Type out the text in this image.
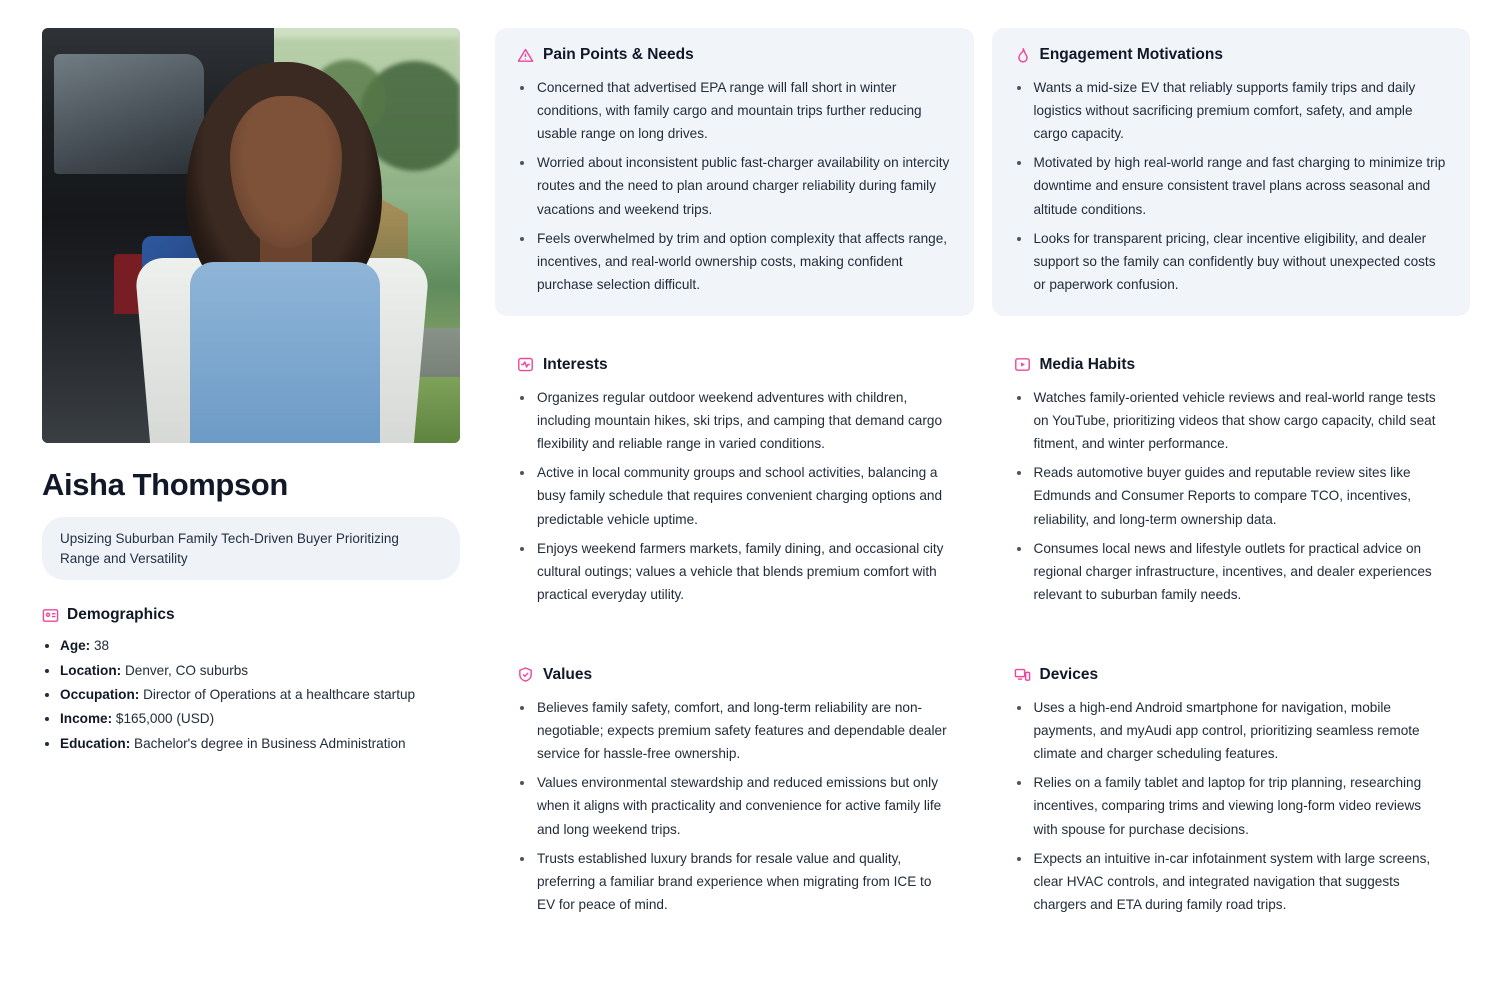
Aisha Thompson
Upsizing Suburban Family Tech-Driven Buyer Prioritizing Range and Versatility
Demographics
• Age: 38
• Location: Denver, CO suburbs
• Occupation: Director of Operations at a healthcare startup
• Income: $165,000 (USD)
• Education: Bachelor's degree in Business Administration
Pain Points & Needs
• Concerned that advertised EPA range will fall short in winter conditions, with family cargo and mountain trips further reducing usable range on long drives.
• Worried about inconsistent public fast-charger availability on intercity routes and the need to plan around charger reliability during family vacations and weekend trips.
• Feels overwhelmed by trim and option complexity that affects range, incentives, and real-world ownership costs, making confident purchase selection difficult.
Interests
• Organizes regular outdoor weekend adventures with children, including mountain hikes, ski trips, and camping that demand cargo flexibility and reliable range in varied conditions.
• Active in local community groups and school activities, balancing a busy family schedule that requires convenient charging options and predictable vehicle uptime.
• Enjoys weekend farmers markets, family dining, and occasional city cultural outings; values a vehicle that blends premium comfort with practical everyday utility.
Values
• Believes family safety, comfort, and long-term reliability are non-negotiable; expects premium safety features and dependable dealer service for hassle-free ownership.
• Values environmental stewardship and reduced emissions but only when it aligns with practicality and convenience for active family life and long weekend trips.
• Trusts established luxury brands for resale value and quality, preferring a familiar brand experience when migrating from ICE to EV for peace of mind.
Engagement Motivations
• Wants a mid-size EV that reliably supports family trips and daily logistics without sacrificing premium comfort, safety, and ample cargo capacity.
• Motivated by high real-world range and fast charging to minimize trip downtime and ensure consistent travel plans across seasonal and altitude conditions.
• Looks for transparent pricing, clear incentive eligibility, and dealer support so the family can confidently buy without unexpected costs or paperwork confusion.
Media Habits
• Watches family-oriented vehicle reviews and real-world range tests on YouTube, prioritizing videos that show cargo capacity, child seat fitment, and winter performance.
• Reads automotive buyer guides and reputable review sites like Edmunds and Consumer Reports to compare TCO, incentives, reliability, and long-term ownership data.
• Consumes local news and lifestyle outlets for practical advice on regional charger infrastructure, incentives, and dealer experiences relevant to suburban family needs.
Devices
• Uses a high-end Android smartphone for navigation, mobile payments, and myAudi app control, prioritizing seamless remote climate and charger scheduling features.
• Relies on a family tablet and laptop for trip planning, researching incentives, comparing trims and viewing long-form video reviews with spouse for purchase decisions.
• Expects an intuitive in-car infotainment system with large screens, clear HVAC controls, and integrated navigation that suggests chargers and ETA during family road trips.
